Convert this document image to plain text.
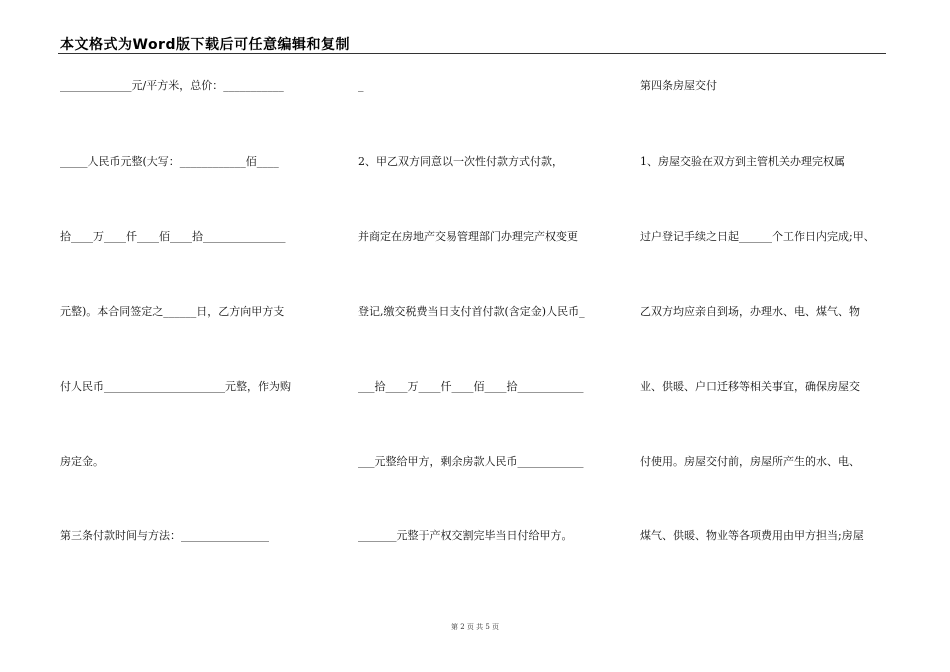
本文格式为Word版下载后可任意编辑和复制
_____________元/平方米，总价：___________
_____人民币元整(大写：____________佰____
拾____万____仟____佰____拾_______________
元整)。本合同签定之______日，乙方向甲方支
付人民币______________________元整，作为购
房定金。
第三条付款时间与方法：________________
_
2、甲乙双方同意以一次性付款方式付款，
并商定在房地产交易管理部门办理完产权变更
登记,缴交税费当日支付首付款(含定金)人民币_
___拾____万____仟____佰____拾____________
___元整给甲方，剩余房款人民币____________
_______元整于产权交割完毕当日付给甲方。
第四条房屋交付
1、房屋交验在双方到主管机关办理完权属
过户登记手续之日起______个工作日内完成;甲、
乙双方均应亲自到场，办理水、电、煤气、物
业、供暖、户口迁移等相关事宜，确保房屋交
付使用。房屋交付前，房屋所产生的水、电、
煤气、供暖、物业等各项费用由甲方担当;房屋
第 2 页 共 5 页
